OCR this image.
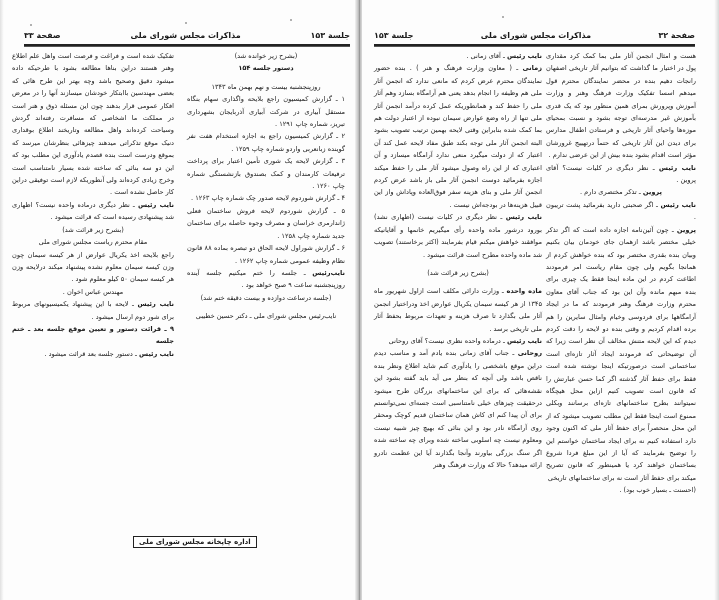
جلسة ۱۵۳
مذاکرات مجلس شورای ملی
صفحة ۳۳

(بشرح زیر خوانده شد)

دستور جلسه ۱۵۴

روزپنجشنبه بیست و نهم بهمن ماه ۱۳۴۳

۱ ـ گزارش کمیسیون راجع بلایحه واگذاری سهام بنگاه مستقل آبیاری در شرکت آبیاری آذربایجان بشهرداری تبریز، شماره چاپ ۱۲۹۱ .

۲ ـ گزارش کمیسیون راجع به اجازه استخدام هفت نفر گوینده زبانعربی واردو شماره چاپ ۱۲۵۹ .

۳ ـ گزارش لایحه یک شوری تأمین اعتبار برای پرداخت ترفیعات کارمندان و کمک بصندوق بازنشستگی شماره چاپ ۱۲۶۰ .

۴ ـ گزارش شوردوم لایحه صدور چک شماره چاپ ۱۲۶۳ .

۵ ـ گزارش شوردوم لایحه فروش ساختمان فعلی ژاندارمری خراسان و مصرف وجوه حاصله برای ساختمان جدید شماره چاپ ۱۲۵۸ .

۶ ـ گزارش شوراول لایحه الحاق دو تبصره بماده ۸۸ قانون نظام وظیفه عمومی شماره چاپ ۱۲۶۲ .

نایب‌رئیس ـ جلسه را ختم میکنیم جلسه آینده روزپنجشنبه ساعت ۹ صبح خواهد بود .

(جلسه درساعت دوازده و بیست دقیقه ختم شد)

نایب‌رئیس مجلس شورای ملی ـ دکتر حسین خطیبی

تفکیک شده است و فراغت و فرصت است واهل علم اطلاع وهنر هستند دراین بناها مطالعه بشود با طرحیکه داده میشود دقیق وصحیح باشد وچه بهتر این طرح هائی که بعضی مهندسین باابتکار خودشان میسازند آنها را در معرض افکار عمومی قرار بدهند چون این مسئله ذوق و هنر است در مملکت ما اشخاصی که مسافرت رفته‌اند گردش وسیاحت کرده‌اند واهل مطالعه وتاریخند اطلاع بوقداری دنیک موقع تذکراتی میدهند چیزهائی بنظرشان میرسد که بموقع ودرست است بنده قصدم یادآوری این مطلب بود که این دو سه بنائی که ساخته شده بسیار نامتناسب است وخرج زیادی کرده‌اند ولی آنطوریکه لازم است توفیقی دراین کار حاصل نشده است .

نایب رئیس ـ نظر دیگری درماده واحده نیست؟ اظهاری شد پیشنهادی رسیده است که قرائت میشود .

(بشرح زیر قرائت شد)

مقام محترم ریاست مجلس شورای ملی

راجع بلایحه اخذ یکریال عوارض از هر کیسه سیمان چون وزن کیسه سیمان معلوم نشده پیشنهاد میکند درلایحه وزن هر کیسه سیمان ۵۰ کیلو معلوم شود .

مهندس عباس اخوان .

نایب رئیس ـ لایحه با این پیشنهاد یکمیسیونهای مربوط برای شور دوم ارسال میشود .

۹ ـ قرائت دستور و تعیین موقع جلسه بعد ـ ختم جلسه

نایب رئیس ـ دستور جلسه بعد قرائت میشود .

اداره چاپخانه مجلس شورای ملی
صفحة ۳۲
مذاکرات مجلس شورای ملی
جلسة ۱۵۳

هست و امثال انجمن آثار ملی بما کمک کرد مقداری پول در اختیار ما گذاشت که بتوانیم آثار تاریخی اصفهان رانجات دهیم بنده در محضر نمایندگان محترم قول میدهم اسسا تفکیک وزارت فرهنگ وهنر و وزارت آموزش وپرورش بمراى همین منظور بود که یک قدری بآموزش غیر مدرسه‌ای توجه بشود و نسبت بمحیای موزه‌ها واحیای آثار تاریخی و فرستادن اطفال مدارس برای دیدن این آثار تاریخی که حتماً درتهییج غرورشان مؤثر است اقدام بشود بنده بیش از این عرضی ندارم .

نایب رئیس ـ نظر دیگری در کلیات نیست؟ آقای پروین .

پروین ـ تذکر مختصری دارم .

نایب رئیس ـ اگر صحبتی دارید بفرمائید پشت تریبون .

پروین ـ چون آئین‌نامه اجازه داده است که اگر تذکر خیلی مختصر باشد ازهمان جای خودمان بیان بکنیم وبیان بنده بقدری مختصر بود که بنده خواهش کردم از همانجا بگویم ولی چون مقام ریاست امر فرمودند اطاعت کردم در این ماده اینجا فقط یک چیزی برای بنده مبهم مانده وآن این بود که جناب آقای معاون محترم وزارت فرهنگ وهنر فرمودند که ما در ایجاد آرامگاهها برای فردوسی وخیام وامثال سایرین را هم برده اقدام کردیم و وقتی بنده دو لایحه را دقت کردم دیدم که این لایحه متنش مخالف آن نظر است زیرا که آن توضیحاتی که فرمودند ایجاد آثار تازه‌ای است ساختمانی است درصورتیکه اینجا نوشته شده است فقط برای حفظ آثار گذشته اگر کما حسن عبارتش را که قانون است تصویب کنیم ازاین محل هیچگاه نمیتوانند بطرح ساختمانهای تازه‌ای برسانند وبکلی ممنوع است اینجا فقط این مطلب تصویب میشود که از این محل منحصراً برای حفظ آثار ملی که اکنون وجود دارد استفاده کنیم نه برای ایجاد ساختمان خواستم این را توضیح بفرمایند که آیا از این مبلغ فردا شروع بساختمان خواهند کرد یا همینطور که قانون تصریح میکند برای حفظ آثار است نه برای ساختمانهای تاریخی

(احسنت ـ بسیار خوب بود) .

نایب رئیس ـ آقای زمانی .

زمانی ـ ( معاون وزارت فرهنگ و هنر ) . بنده حضور نمایندگان محترم عرض کردم که مانعی ندارد که انجمن آثار ملی هم وظیفه ‌را انجام بدهد یعنی هم آرامگاه بسازد وهم آثار ملی را حفظ کند و همانطوریکه عمل کرده درآمد انجمن آثار ملی تنها از راه وضع عوارض سیمان نبوده از اعتبار دولت هم بما کمک شده بنابراین وقتی لایحه بهمین ترتیب تصویب بشود البته انجمن آثار ملی توجه بکند طبق مفاد لایحه عمل کند آن اعتبار که از دولت میگیرد منعی ندارد آرامگاه میسازد و آن اعتباری که از این راه وصول میشود آثار ملی را حفظ میکند اجازه بفرمائید دوست انجمن آثار ملی باز باشد عرض کردم انجمن آثار ملی و بنای هزینه سفر فوق‌العاده وپاداش واز این قبیل هزینه‌ها در بودجه‌اش نیست .

نایب رئیس ـ نظر دیگری در کلیات نیست (اظهاری نشد) بورود درشور ماده واحده رأی میگیریم خانمها و آقایانیکه موافقند خواهش میکنم قیام بفرمایند (اکثر برخاستند) تصویب شد ماده واحده مطرح است قرائت میشود .

(بشرح زیر قرائت شد)

ماده واحده ـ وزارت دارائی مکلف است ازاول شهریور ماه ۱۳۴۵ از هر کیسه سیمان یکریال عوارض اخذ ودراختیار انجمن آثار ملی بگذارد تا صرف هزینه و تعهدات مربوط بحفظ آثار ملی تاریخی برسد .

نایب رئیس ـ درماده واحده نظری نیست؟ آقای روحانی

روحانی ـ جناب آقای زمانی بنده یادم آمد و مناسب دیدم دراین موقع باشخصی را یادآوری کنم شاید اطلاع ونظر بنده ناقص باشد ولی آنچه که بنظر می آید باید گفته بشود این نقشه‌هائی که برای این ساختمانهای بزرگان طرح میشود درحقیقت چیزهای خیلی نامتناسبی است جسه‌ای نمی‌توانستم برای آن پیدا کنم ای کاش همان ساختمان قدیم کوچک ومحقر روی آرامگاه نادر بود و این بنائی که بهیچ چیز شبیه نیست ومعلوم نیست چه اسلوبی ساخته شده وبرای چه ساخته شده اگر سنگ بزرگی بیاورند وآنجا بگذارند آیا این عظمت نادرو ارائه میدهد؟ حالا که وزارت فرهنگ وهنر
